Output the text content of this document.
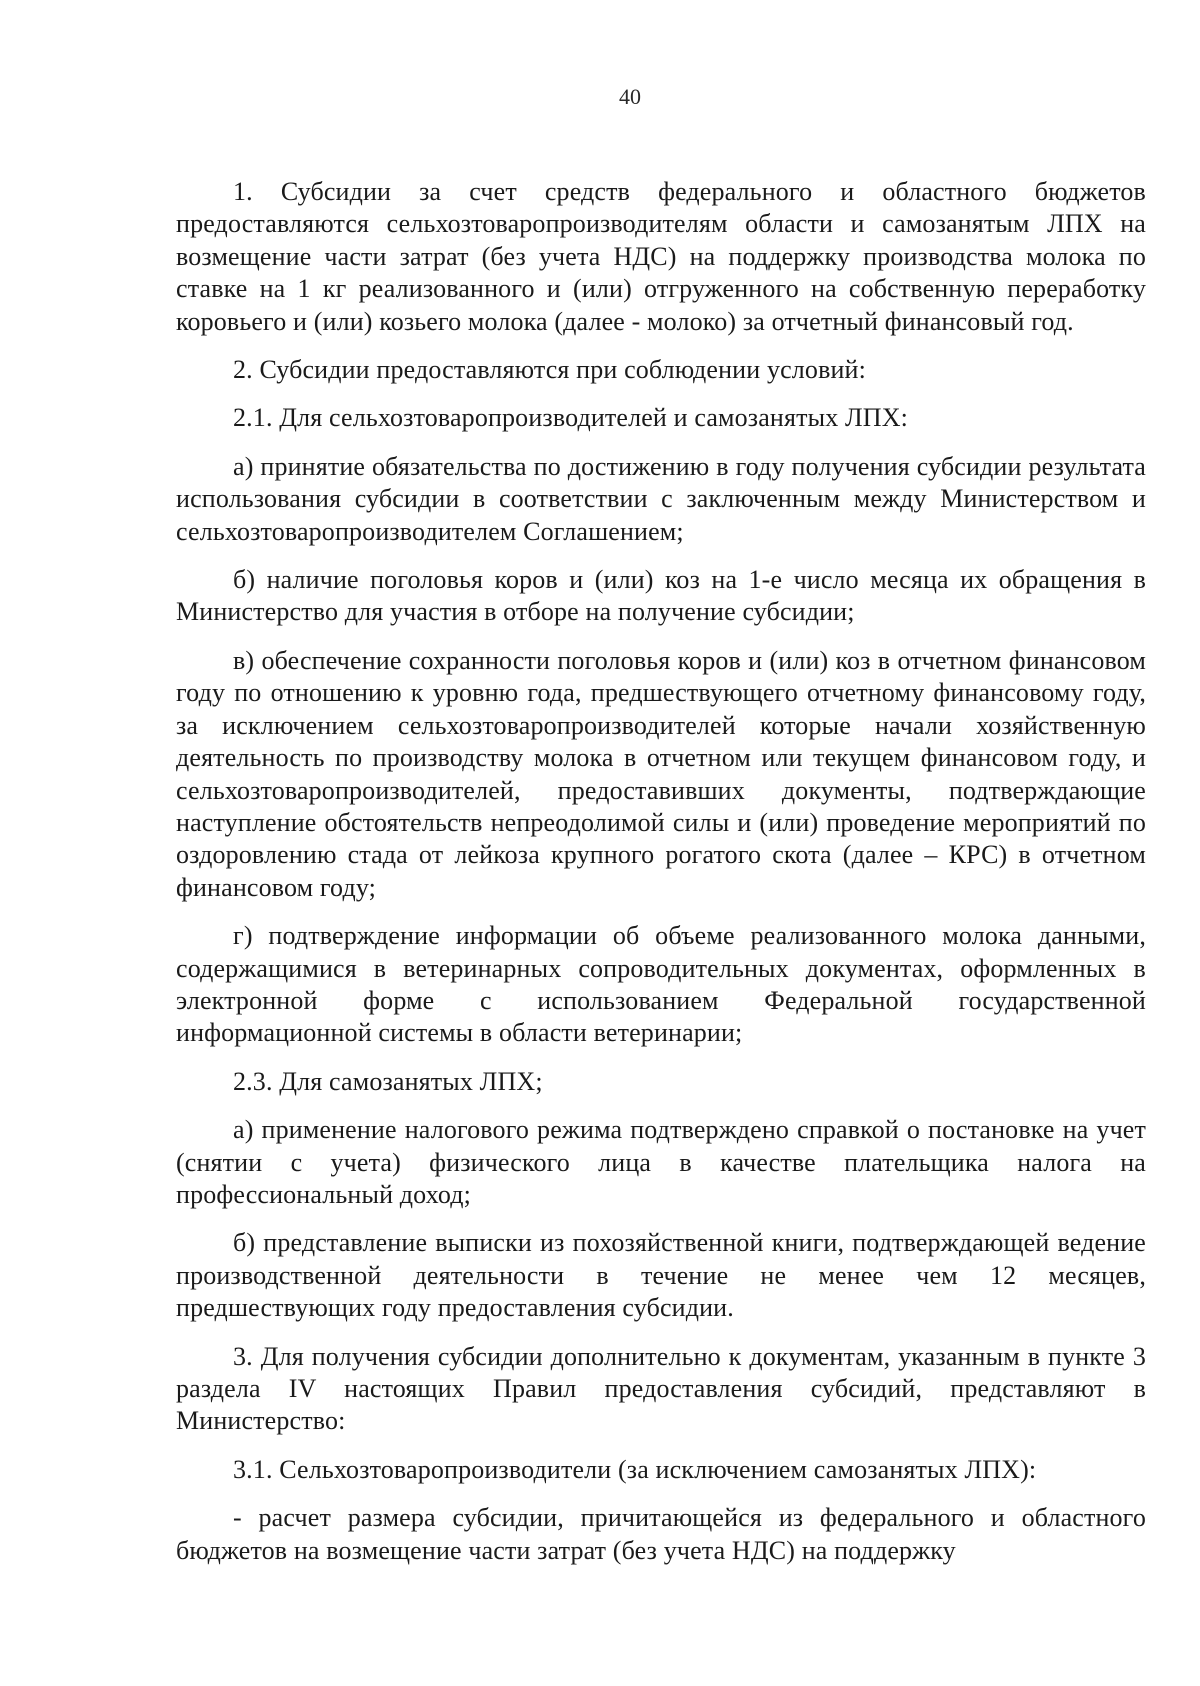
40

1. Субсидии за счет средств федерального и областного бюджетов предоставляются сельхозтоваропроизводителям области и самозанятым ЛПХ на возмещение части затрат (без учета НДС) на поддержку производства молока по ставке на 1 кг реализованного и (или) отгруженного на собственную переработку коровьего и (или) козьего молока (далее - молоко) за отчетный финансовый год.

2. Субсидии предоставляются при соблюдении условий:

2.1. Для сельхозтоваропроизводителей и самозанятых ЛПХ:

а) принятие обязательства по достижению в году получения субсидии результата использования субсидии в соответствии с заключенным между Министерством и сельхозтоваропроизводителем Соглашением;

б) наличие поголовья коров и (или) коз на 1-е число месяца их обращения в Министерство для участия в отборе на получение субсидии;

в) обеспечение сохранности поголовья коров и (или) коз в отчетном финансовом году по отношению к уровню года, предшествующего отчетному финансовому году, за исключением сельхозтоваропроизводителей которые начали хозяйственную деятельность по производству молока в отчетном или текущем финансовом году, и сельхозтоваропроизводителей, предоставивших документы, подтверждающие наступление обстоятельств непреодолимой силы и (или) проведение мероприятий по оздоровлению стада от лейкоза крупного рогатого скота (далее – КРС) в отчетном финансовом году;

г) подтверждение информации об объеме реализованного молока данными, содержащимися в ветеринарных сопроводительных документах, оформленных в электронной форме с использованием Федеральной государственной информационной системы в области ветеринарии;

2.3. Для самозанятых ЛПХ;

а) применение налогового режима подтверждено справкой о постановке на учет (снятии с учета) физического лица в качестве плательщика налога на профессиональный доход;

б) представление выписки из похозяйственной книги, подтверждающей ведение производственной деятельности в течение не менее чем 12 месяцев, предшествующих году предоставления субсидии.

3. Для получения субсидии дополнительно к документам, указанным в пункте 3 раздела IV настоящих Правил предоставления субсидий, представляют в Министерство:

3.1. Сельхозтоваропроизводители (за исключением самозанятых ЛПХ):

- расчет размера субсидии, причитающейся из федерального и областного бюджетов на возмещение части затрат (без учета НДС) на поддержку
